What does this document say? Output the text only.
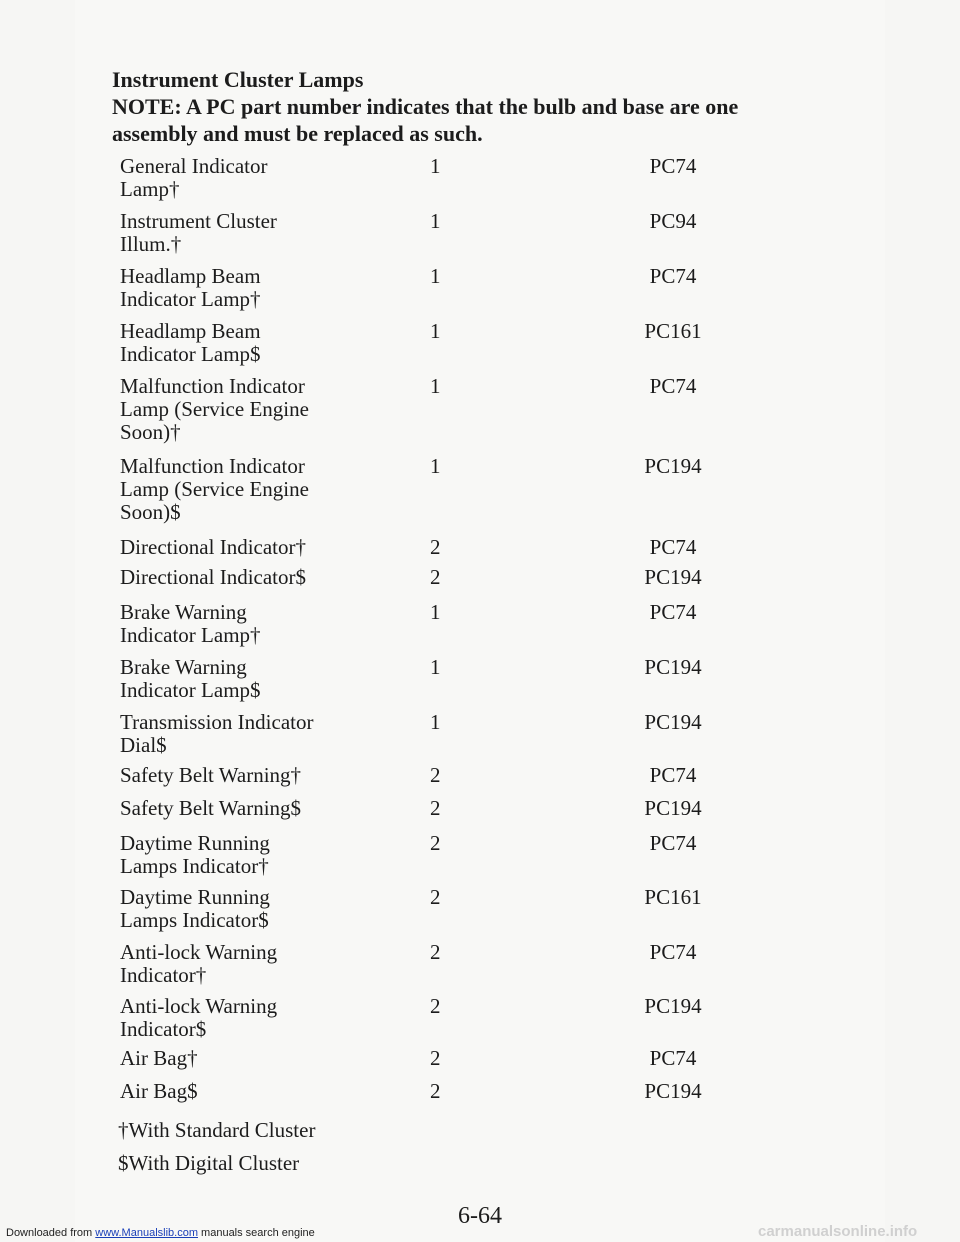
Instrument Cluster Lamps

NOTE: A PC part number indicates that the bulb and base are one

assembly and must be replaced as such.

General Indicator
Lamp†
1	PC74
Instrument Cluster
Illum.†
1	PC94
Headlamp Beam
Indicator Lamp†
1	PC74
Headlamp Beam
Indicator Lamp$
1	PC161
Malfunction Indicator
Lamp (Service Engine
Soon)†
1	PC74
Malfunction Indicator
Lamp (Service Engine
Soon)$
1	PC194
Directional Indicator†	2	PC74
Directional Indicator$	2	PC194
Brake Warning
Indicator Lamp†
1	PC74
Brake Warning
Indicator Lamp$
1	PC194
Transmission Indicator
Dial$
1	PC194
Safety Belt Warning†	2	PC74
Safety Belt Warning$	2	PC194
Daytime Running
Lamps Indicator†
2	PC74
Daytime Running
Lamps Indicator$
2	PC161
Anti-lock Warning
Indicator†
2	PC74
Anti-lock Warning
Indicator$
2	PC194
Air Bag†	2	PC74
Air Bag$	2	PC194
†With Standard Cluster
$With Digital Cluster
6-64
Downloaded from www.Manualslib.com manuals search engine	carmanualsonline.info
